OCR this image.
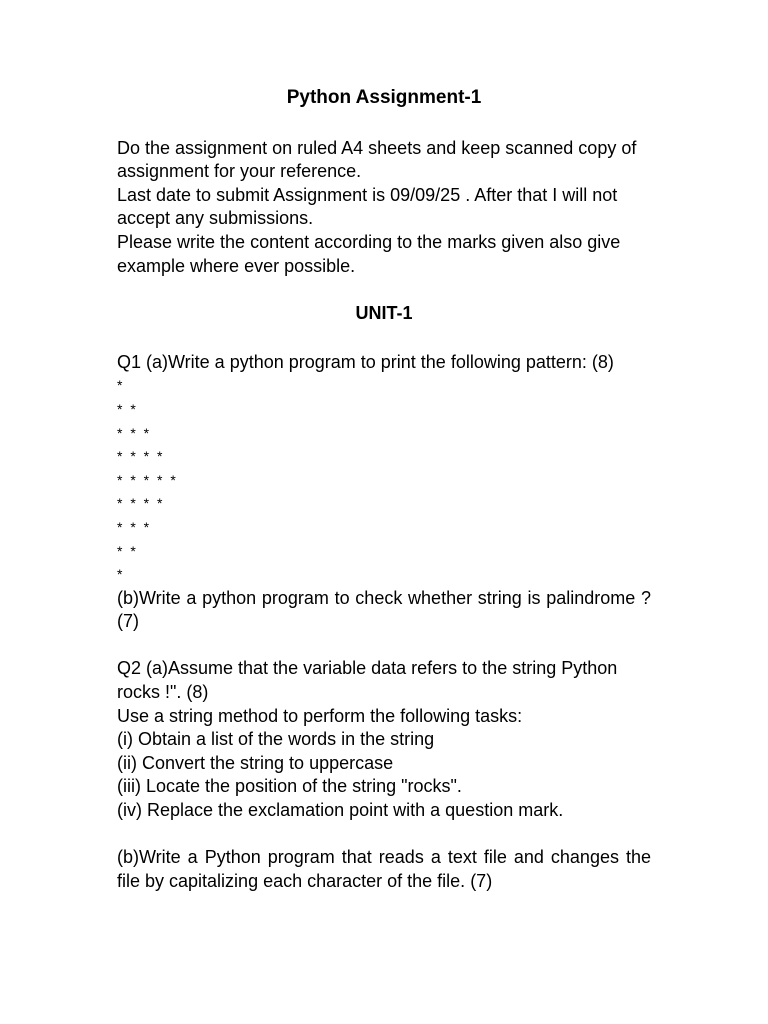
Python Assignment-1

Do the assignment on ruled A4 sheets and keep scanned copy of assignment for your reference.

Last date to submit Assignment is 09/09/25 . After that I will not accept any submissions.

Please write the content according to the marks given also give example where ever possible.

UNIT-1

Q1 (a)Write a python program to print the following pattern: (8)

*
* *
* * *
* * * *
* * * * *
* * * *
* * *
* *
*

(b)Write a python program to check whether string is palindrome ? (7)

Q2 (a)Assume that the variable data refers to the string Python rocks !". (8)

Use a string method to perform the following tasks:

(i) Obtain a list of the words in the string

(ii) Convert the string to uppercase

(iii) Locate the position of the string "rocks".

(iv) Replace the exclamation point with a question mark.

(b)Write a Python program that reads a text file and changes the file by capitalizing each character of the file. (7)
